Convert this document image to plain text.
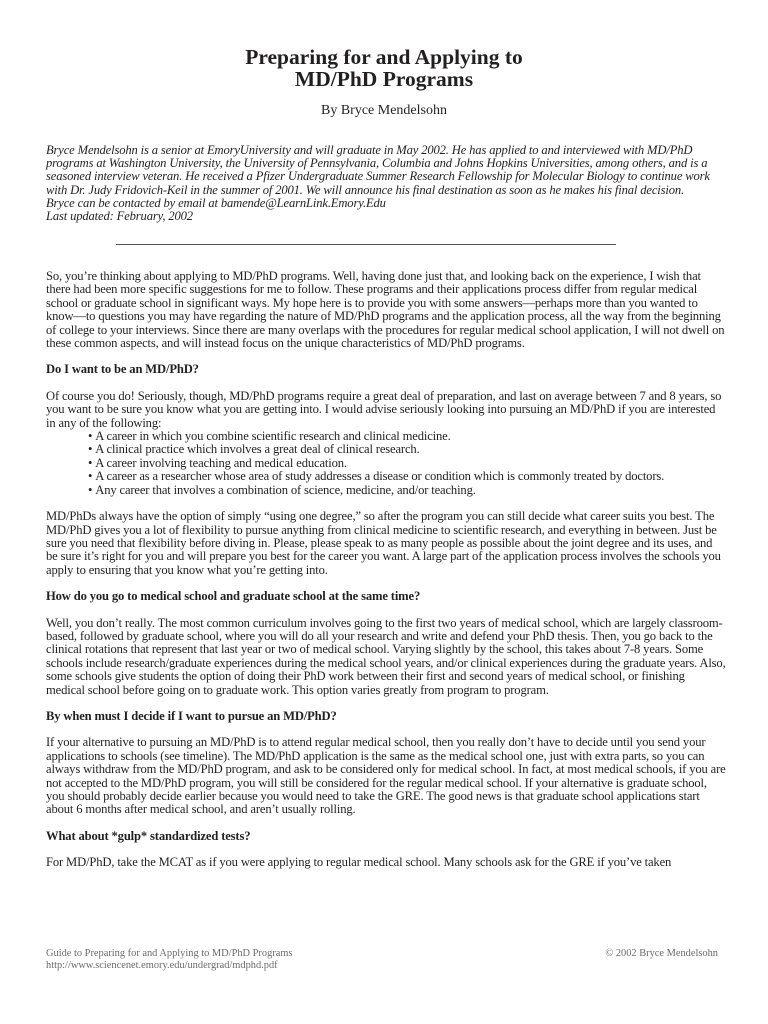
Preparing for and Applying to
MD/PhD Programs
By Bryce Mendelsohn

Bryce Mendelsohn is a senior at EmoryUniversity and will graduate in May 2002. He has applied to and interviewed with MD/PhD programs at Washington University, the University of Pennsylvania, Columbia and Johns Hopkins Universities, among others, and is a seasoned interview veteran. He received a Pfizer Undergraduate Summer Research Fellowship for Molecular Biology to continue work with Dr. Judy Fridovich-Keil in the summer of 2001. We will announce his final destination as soon as he makes his final decision.

Bryce can be contacted by email at bamende@LearnLink.Emory.Edu

Last updated: February, 2002

So, you’re thinking about applying to MD/PhD programs. Well, having done just that, and looking back on the experience, I wish that there had been more specific suggestions for me to follow. These programs and their applications process differ from regular medical school or graduate school in significant ways. My hope here is to provide you with some answers—perhaps more than you wanted to know—to questions you may have regarding the nature of MD/PhD programs and the application process, all the way from the beginning of college to your interviews. Since there are many overlaps with the procedures for regular medical school application, I will not dwell on these common aspects, and will instead focus on the unique characteristics of MD/PhD programs.

Do I want to be an MD/PhD?

Of course you do! Seriously, though, MD/PhD programs require a great deal of preparation, and last on average between 7 and 8 years, so you want to be sure you know what you are getting into. I would advise seriously looking into pursuing an MD/PhD if you are interested in any of the following:

• A career in which you combine scientific research and clinical medicine.
• A clinical practice which involves a great deal of clinical research.
• A career involving teaching and medical education.
• A career as a researcher whose area of study addresses a disease or condition which is commonly treated by doctors.
• Any career that involves a combination of science, medicine, and/or teaching.

MD/PhDs always have the option of simply “using one degree,” so after the program you can still decide what career suits you best. The MD/PhD gives you a lot of flexibility to pursue anything from clinical medicine to scientific research, and everything in between. Just be sure you need that flexibility before diving in. Please, please speak to as many people as possible about the joint degree and its uses, and be sure it’s right for you and will prepare you best for the career you want. A large part of the application process involves the schools you apply to ensuring that you know what you’re getting into.

How do you go to medical school and graduate school at the same time?

Well, you don’t really. The most common curriculum involves going to the first two years of medical school, which are largely classroom-based, followed by graduate school, where you will do all your research and write and defend your PhD thesis. Then, you go back to the clinical rotations that represent that last year or two of medical school. Varying slightly by the school, this takes about 7-8 years. Some schools include research/graduate experiences during the medical school years, and/or clinical experiences during the graduate years. Also, some schools give students the option of doing their PhD work between their first and second years of medical school, or finishing medical school before going on to graduate work. This option varies greatly from program to program.

By when must I decide if I want to pursue an MD/PhD?

If your alternative to pursuing an MD/PhD is to attend regular medical school, then you really don’t have to decide until you send your applications to schools (see timeline). The MD/PhD application is the same as the medical school one, just with extra parts, so you can always withdraw from the MD/PhD program, and ask to be considered only for medical school. In fact, at most medical schools, if you are not accepted to the MD/PhD program, you will still be considered for the regular medical school. If your alternative is graduate school, you should probably decide earlier because you would need to take the GRE. The good news is that graduate school applications start about 6 months after medical school, and aren’t usually rolling.

What about *gulp* standardized tests?

For MD/PhD, take the MCAT as if you were applying to regular medical school. Many schools ask for the GRE if you’ve taken

Guide to Preparing for and Applying to MD/PhD Programs
http://www.sciencenet.emory.edu/undergrad/mdphd.pdf
© 2002 Bryce Mendelsohn
